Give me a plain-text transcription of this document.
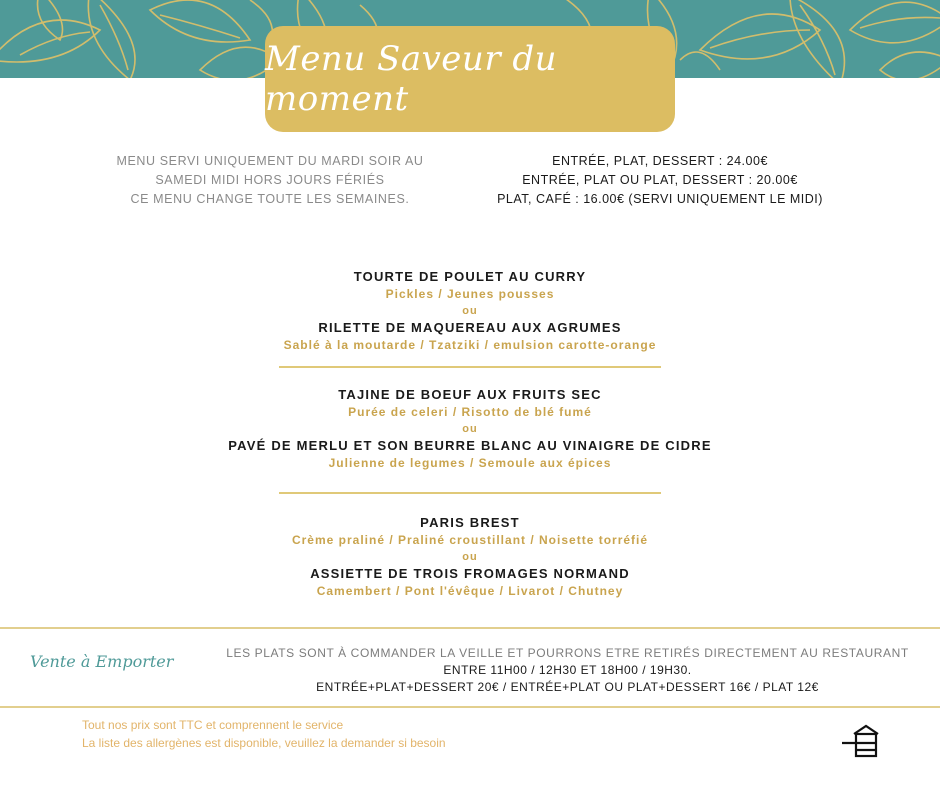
Menu Saveur du moment
MENU SERVI UNIQUEMENT DU MARDI SOIR AU
SAMEDI MIDI HORS JOURS FÉRIÉS
CE MENU CHANGE TOUTE LES SEMAINES.
ENTRÉE, PLAT, DESSERT : 24.00€
ENTRÉE, PLAT OU PLAT, DESSERT : 20.00€
PLAT, CAFÉ : 16.00€ (SERVI UNIQUEMENT LE MIDI)
TOURTE DE POULET AU CURRY
Pickles / Jeunes pousses
ou
RILETTE DE MAQUEREAU AUX AGRUMES
Sablé à la moutarde / Tzatziki / emulsion carotte-orange
TAJINE DE BOEUF AUX FRUITS SEC
Purée de celeri / Risotto de blé fumé
ou
PAVÉ DE MERLU ET SON BEURRE BLANC AU VINAIGRE DE CIDRE
Julienne de legumes / Semoule aux épices
PARIS BREST
Crème praliné / Praliné croustillant / Noisette torréfié
ou
ASSIETTE DE TROIS FROMAGES NORMAND
Camembert / Pont l'évêque / Livarot / Chutney
Vente à Emporter	LES PLATS SONT À COMMANDER LA VEILLE ET POURRONS ETRE RETIRÉS DIRECTEMENT AU RESTAURANT
ENTRE 11H00 / 12H30 ET 18H00 / 19H30.
ENTRÉE+PLAT+DESSERT 20€ / ENTRÉE+PLAT OU PLAT+DESSERT 16€ / PLAT 12€
Tout nos prix sont TTC et comprennent le service
La liste des allergènes est disponible, veuillez la demander si besoin
